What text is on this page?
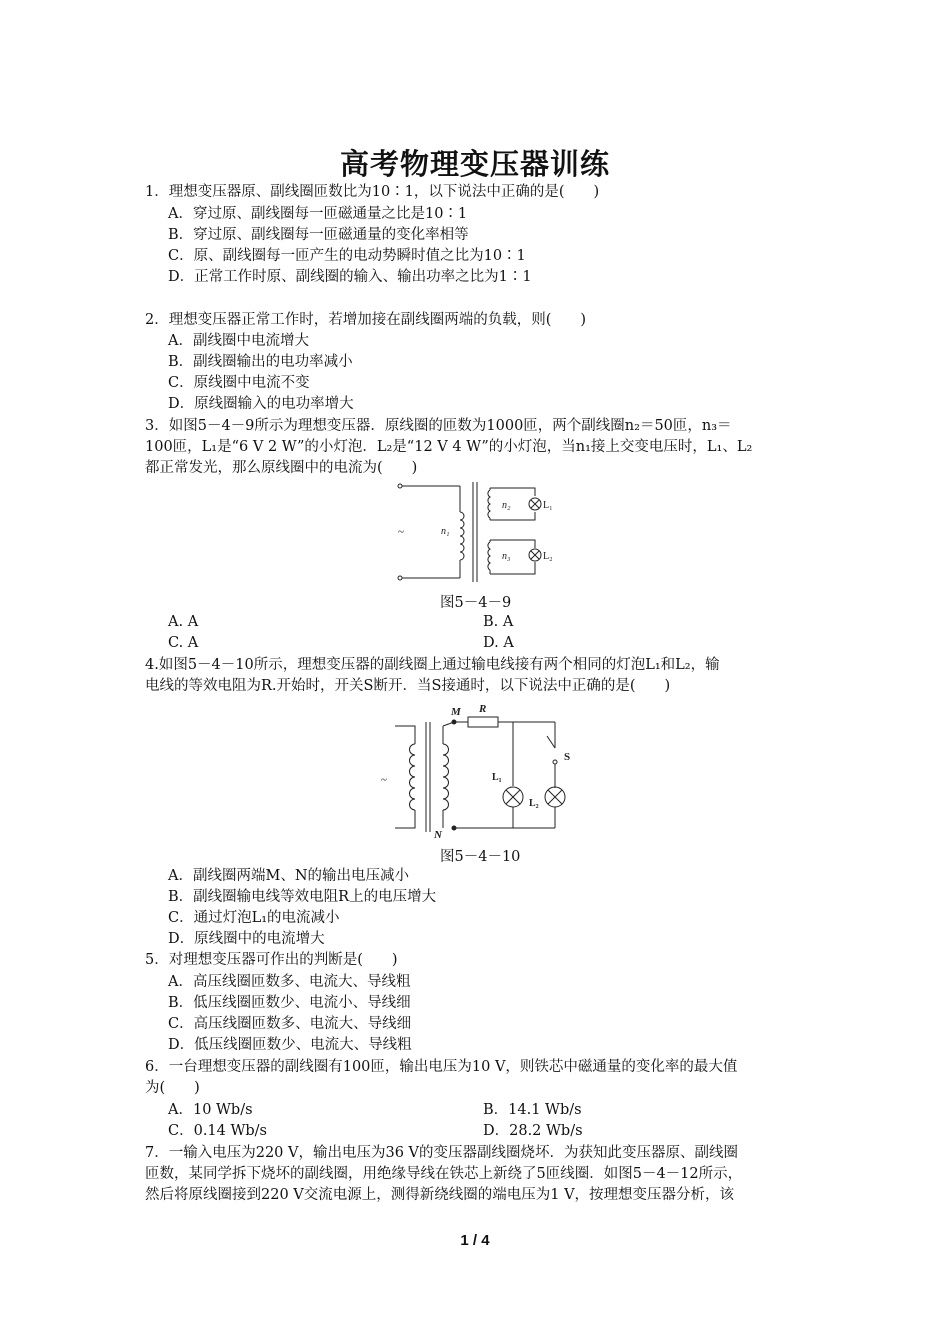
高考物理变压器训练
1．理想变压器原、副线圈匝数比为10∶1，以下说法中正确的是(　　)
A．穿过原、副线圈每一匝磁通量之比是10∶1
B．穿过原、副线圈每一匝磁通量的变化率相等
C．原、副线圈每一匝产生的电动势瞬时值之比为10∶1
D．正常工作时原、副线圈的输入、输出功率之比为1∶1
2．理想变压器正常工作时，若增加接在副线圈两端的负载，则(　　)
A．副线圈中电流增大
B．副线圈输出的电功率减小
C．原线圈中电流不变
D．原线圈输入的电功率增大
3．如图5－4－9所示为理想变压器．原线圈的匝数为1000匝，两个副线圈n₂＝50匝，n₃＝
100匝，L₁是“6 V 2 W”的小灯泡．L₂是“12 V 4 W”的小灯泡，当n₁接上交变电压时，L₁、L₂
都正常发光，那么原线圈中的电流为(　　)
~	n₁
n₂
n₃
L₁
L₂
图5－4－9
A. A	B. A
C. A	D. A
4.如图5－4－10所示，理想变压器的副线圈上通过输电线接有两个相同的灯泡L₁和L₂，输
电线的等效电阻为R.开始时，开关S断开．当S接通时，以下说法中正确的是(　　)
~
M
N
R
S
L₁
L₂
图5－4－10
A．副线圈两端M、N的输出电压减小
B．副线圈输电线等效电阻R上的电压增大
C．通过灯泡L₁的电流减小
D．原线圈中的电流增大
5．对理想变压器可作出的判断是(　　)
A．高压线圈匝数多、电流大、导线粗
B．低压线圈匝数少、电流小、导线细
C．高压线圈匝数多、电流大、导线细
D．低压线圈匝数少、电流大、导线粗
6．一台理想变压器的副线圈有100匝，输出电压为10 V，则铁芯中磁通量的变化率的最大值
为(　　)
A．10 Wb/s	B．14.1 Wb/s
C．0.14 Wb/s	D．28.2 Wb/s
7．一输入电压为220 V，输出电压为36 V的变压器副线圈烧坏．为获知此变压器原、副线圈
匝数，某同学拆下烧坏的副线圈，用绝缘导线在铁芯上新绕了5匝线圈．如图5－4－12所示，
然后将原线圈接到220 V交流电源上，测得新绕线圈的端电压为1 V，按理想变压器分析，该
1 / 4
